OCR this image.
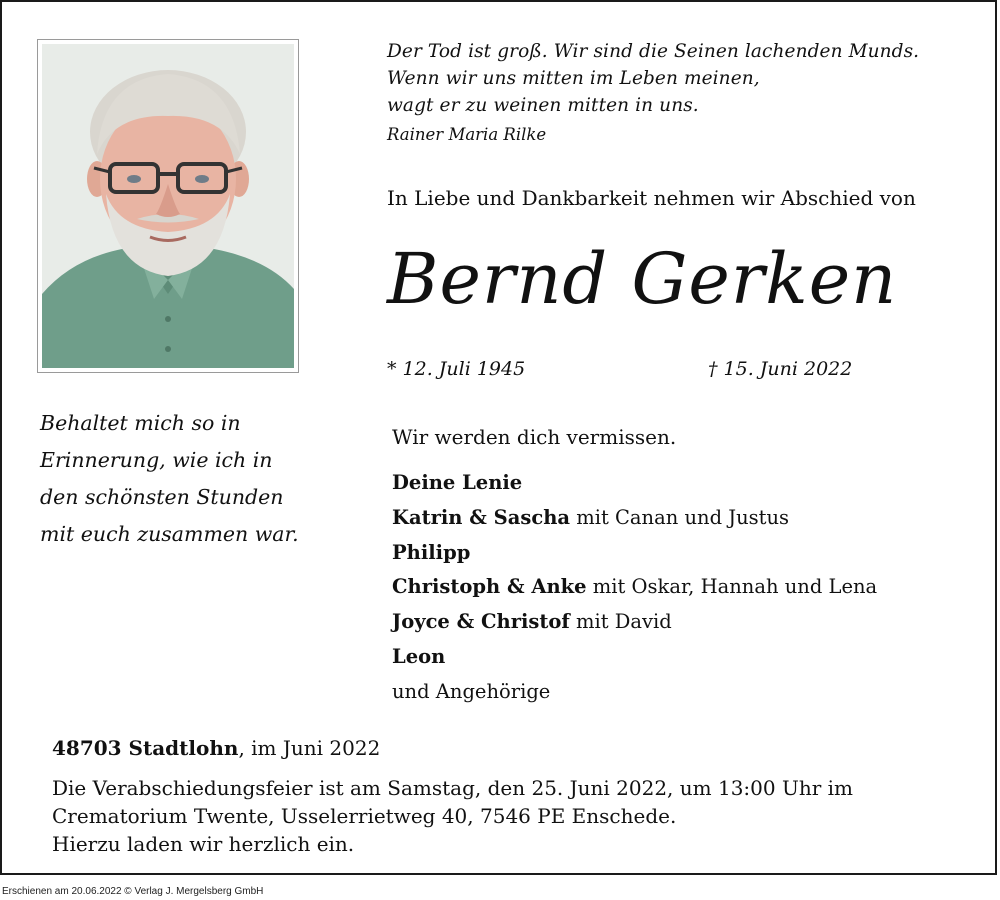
Der Tod ist groß. Wir sind die Seinen lachenden Munds.
Wenn wir uns mitten im Leben meinen,
wagt er zu weinen mitten in uns.
Rainer Maria Rilke
In Liebe und Dankbarkeit nehmen wir Abschied von
Bernd Gerken
* 12. Juli 1945	† 15. Juni 2022
Behaltet mich so in
Erinnerung, wie ich in
den schönsten Stunden
mit euch zusammen war.
Wir werden dich vermissen.
Deine Lenie
Katrin & Sascha mit Canan und Justus
Philipp
Christoph & Anke mit Oskar, Hannah und Lena
Joyce & Christof mit David
Leon
und Angehörige
48703 Stadtlohn, im Juni 2022
Die Verabschiedungsfeier ist am Samstag, den 25. Juni 2022, um 13:00 Uhr im
Crematorium Twente, Usselerrietweg 40, 7546 PE Enschede.
Hierzu laden wir herzlich ein.
Erschienen am 20.06.2022 © Verlag J. Mergelsberg GmbH
